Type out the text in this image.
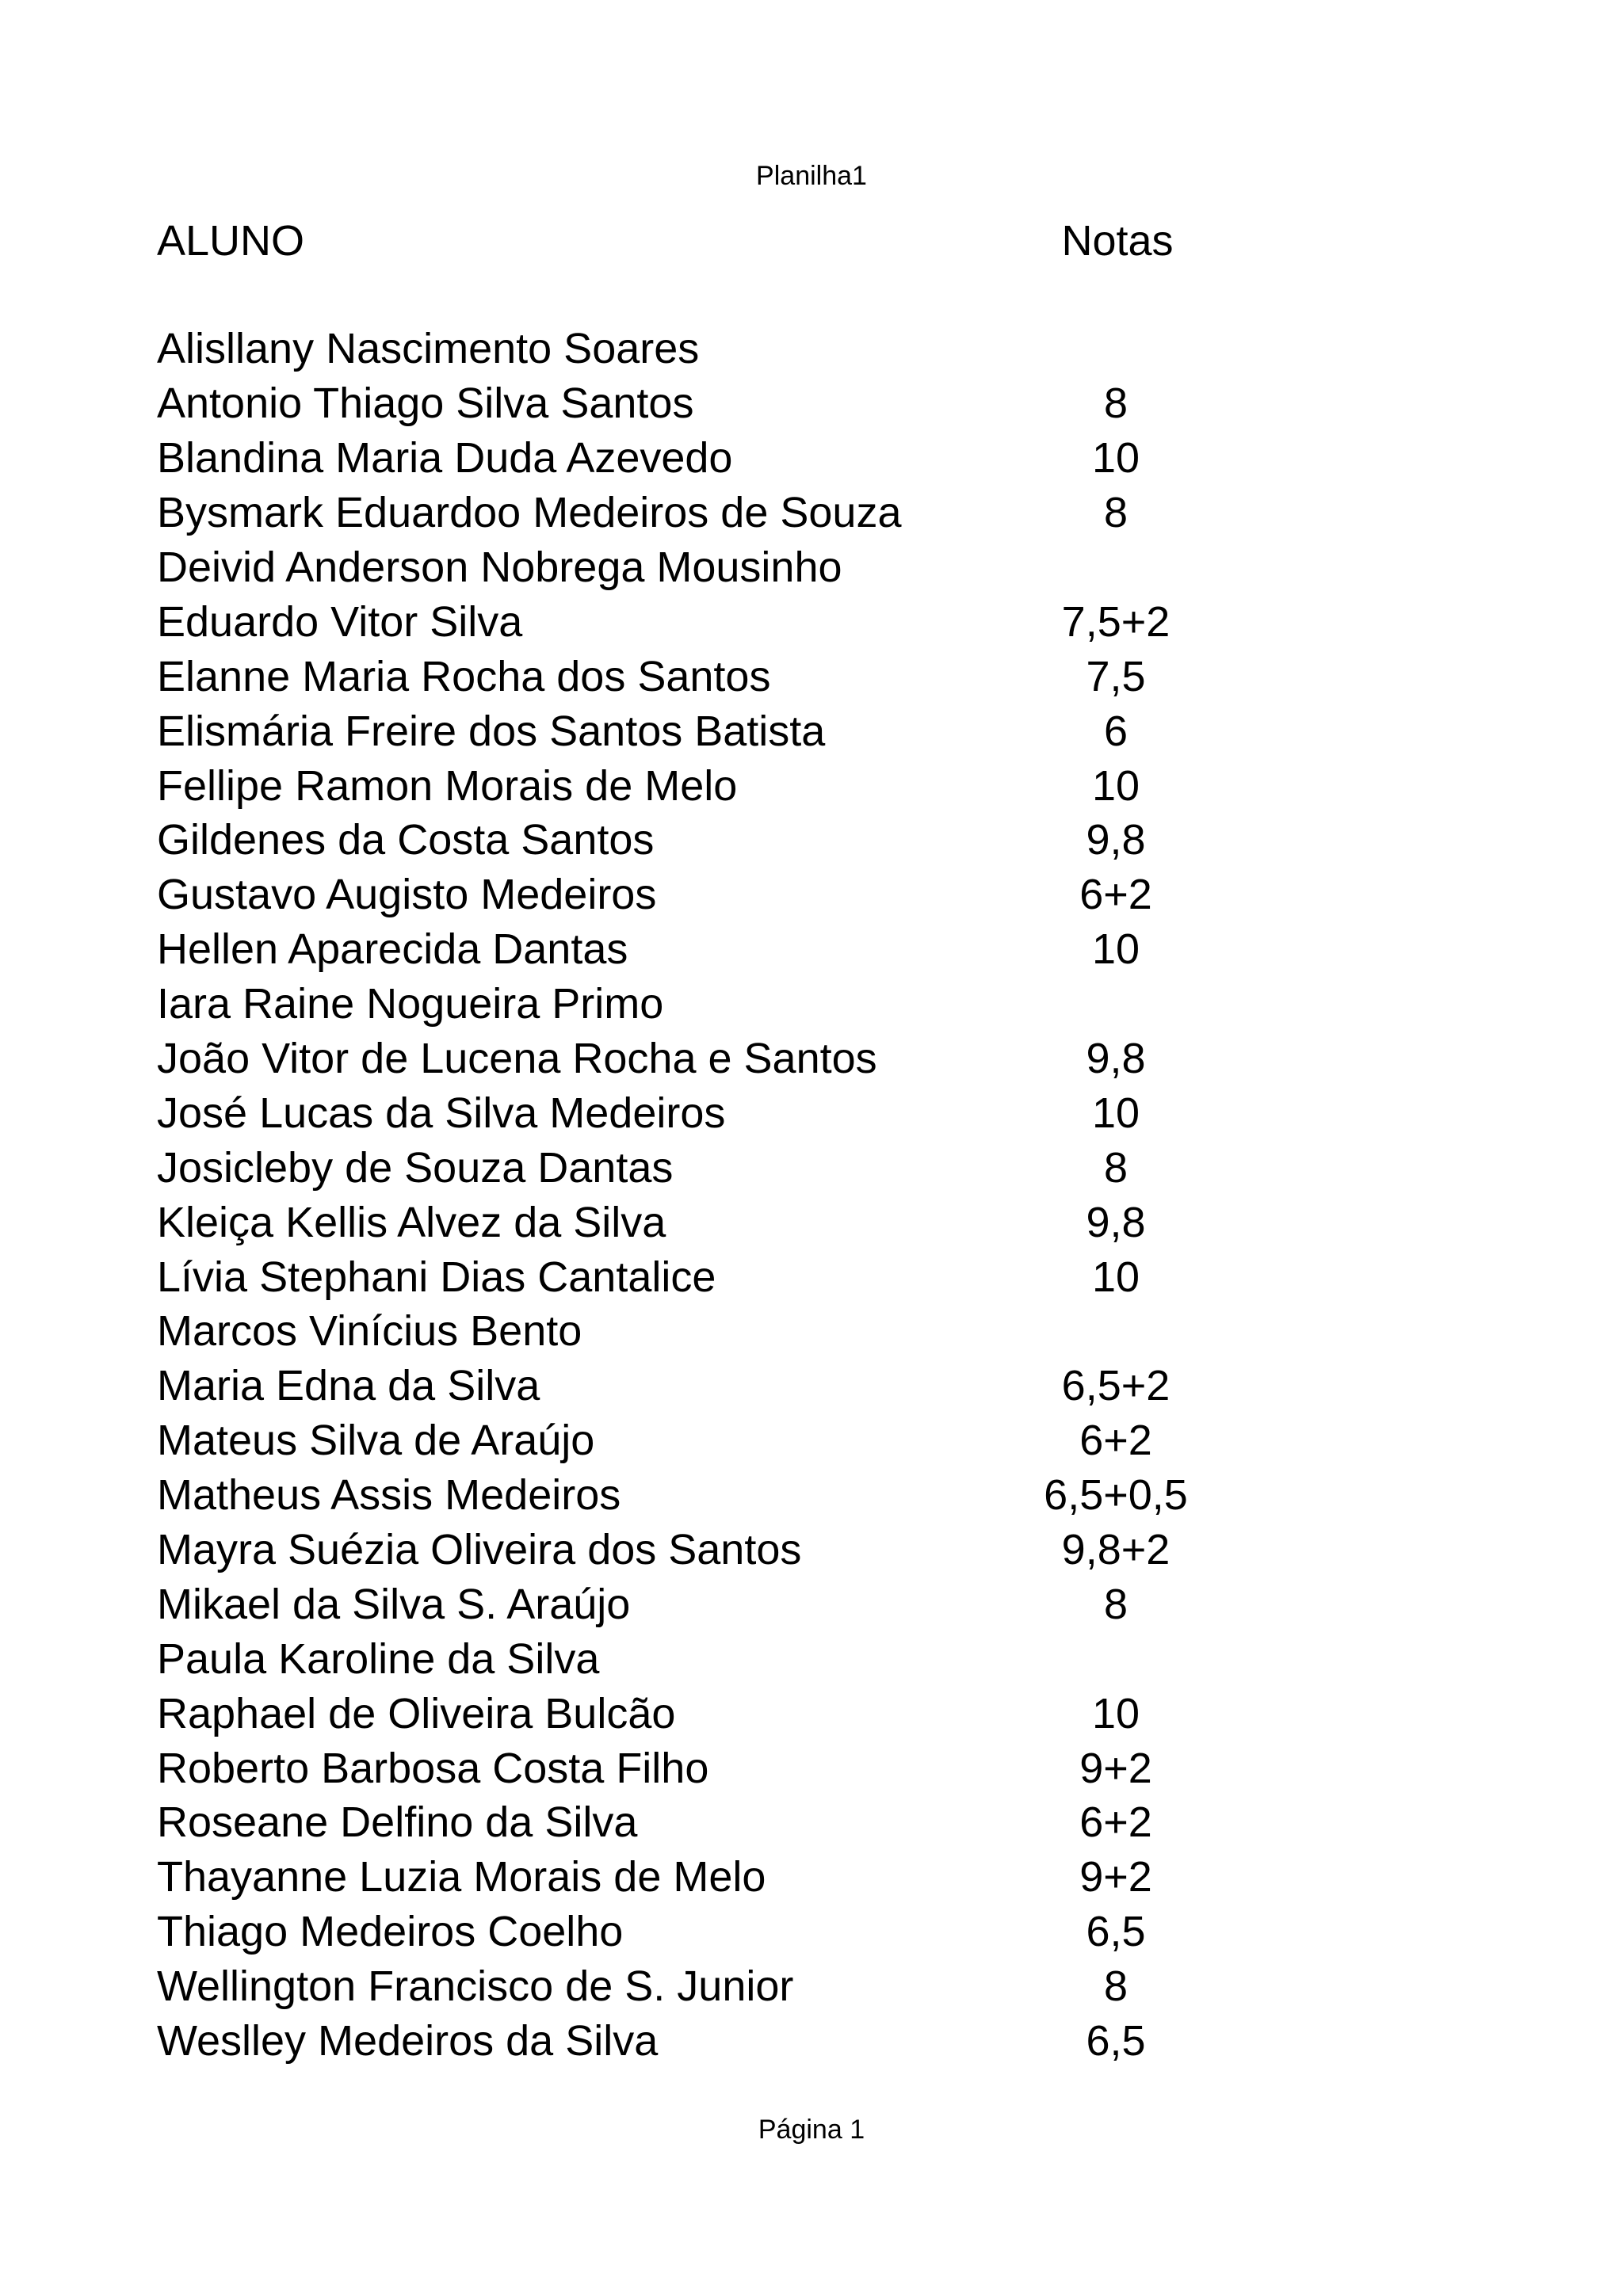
Planilha1
ALUNO	Notas
Alisllany Nascimento Soares
Antonio Thiago Silva Santos	8
Blandina Maria Duda Azevedo	10
Bysmark Eduardoo Medeiros de Souza	8
Deivid Anderson Nobrega Mousinho
Eduardo Vitor Silva	7,5+2
Elanne Maria Rocha dos Santos	7,5
Elismária Freire dos Santos Batista	6
Fellipe Ramon Morais de Melo	10
Gildenes da Costa Santos	9,8
Gustavo Augisto Medeiros	6+2
Hellen Aparecida Dantas	10
Iara Raine Nogueira Primo
João Vitor de Lucena Rocha e Santos	9,8
José Lucas da Silva Medeiros	10
Josicleby de Souza Dantas	8
Kleiça Kellis Alvez da Silva	9,8
Lívia Stephani Dias Cantalice	10
Marcos Vinícius Bento
Maria Edna da Silva	6,5+2
Mateus Silva de Araújo	6+2
Matheus Assis Medeiros	6,5+0,5
Mayra Suézia Oliveira dos Santos	9,8+2
Mikael da Silva S. Araújo	8
Paula Karoline da Silva
Raphael de Oliveira Bulcão	10
Roberto Barbosa Costa Filho	9+2
Roseane Delfino da Silva	6+2
Thayanne Luzia Morais de Melo	9+2
Thiago Medeiros Coelho	6,5
Wellington Francisco de S. Junior	8
Weslley Medeiros da Silva	6,5
Página 1
